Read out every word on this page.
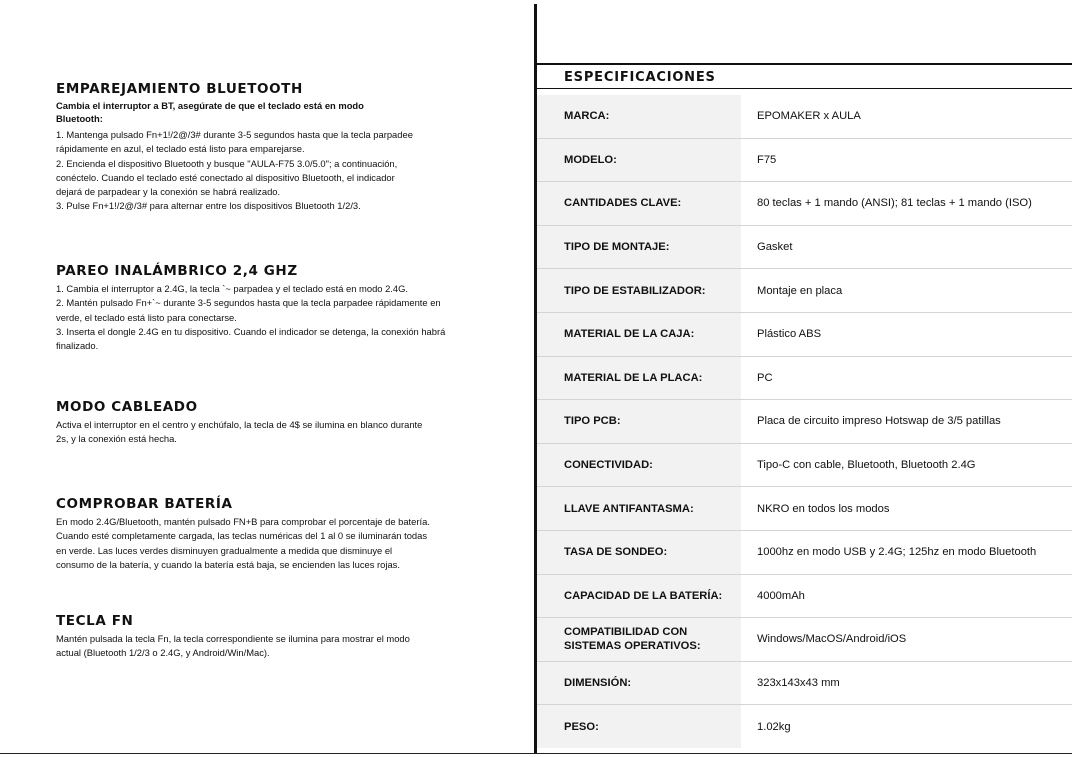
EMPAREJAMIENTO BLUETOOTH

Cambia el interruptor a BT, asegúrate de que el teclado está en modo
Bluetooth:

1. Mantenga pulsado Fn+1!/2@/3# durante 3-5 segundos hasta que la tecla parpadee
rápidamente en azul, el teclado está listo para emparejarse.
2. Encienda el dispositivo Bluetooth y busque "AULA-F75 3.0/5.0"; a continuación,
conéctelo. Cuando el teclado esté conectado al dispositivo Bluetooth, el indicador
dejará de parpadear y la conexión se habrá realizado.
3. Pulse Fn+1!/2@/3# para alternar entre los dispositivos Bluetooth 1/2/3.

PAREO INALÁMBRICO 2,4 GHZ

1. Cambia el interruptor a 2.4G, la tecla `~ parpadea y el teclado está en modo 2.4G.
2. Mantén pulsado Fn+`~ durante 3-5 segundos hasta que la tecla parpadee rápidamente en
verde, el teclado está listo para conectarse.
3. Inserta el dongle 2.4G en tu dispositivo. Cuando el indicador se detenga, la conexión habrá
finalizado.

MODO CABLEADO

Activa el interruptor en el centro y enchúfalo, la tecla de 4$ se ilumina en blanco durante
2s, y la conexión está hecha.

COMPROBAR BATERÍA

En modo 2.4G/Bluetooth, mantén pulsado FN+B para comprobar el porcentaje de batería.
Cuando esté completamente cargada, las teclas numéricas del 1 al 0 se iluminarán todas
en verde. Las luces verdes disminuyen gradualmente a medida que disminuye el
consumo de la batería, y cuando la batería está baja, se encienden las luces rojas.

TECLA FN

Mantén pulsada la tecla Fn, la tecla correspondiente se ilumina para mostrar el modo
actual (Bluetooth 1/2/3 o 2.4G, y Android/Win/Mac).

ESPECIFICACIONES
MARCA:	EPOMAKER x AULA
MODELO:	F75
CANTIDADES CLAVE:	80 teclas + 1 mando (ANSI); 81 teclas + 1 mando (ISO)
TIPO DE MONTAJE:	Gasket
TIPO DE ESTABILIZADOR:	Montaje en placa
MATERIAL DE LA CAJA:	Plástico ABS
MATERIAL DE LA PLACA:	PC
TIPO PCB:	Placa de circuito impreso Hotswap de 3/5 patillas
CONECTIVIDAD:	Tipo-C con cable, Bluetooth, Bluetooth 2.4G
LLAVE ANTIFANTASMA:	NKRO en todos los modos
TASA DE SONDEO:	1000hz en modo USB y 2.4G; 125hz en modo Bluetooth
CAPACIDAD DE LA BATERÍA:	4000mAh
COMPATIBILIDAD CON
SISTEMAS OPERATIVOS:
Windows/MacOS/Android/iOS
DIMENSIÓN:	323x143x43 mm
PESO:	1.02kg
